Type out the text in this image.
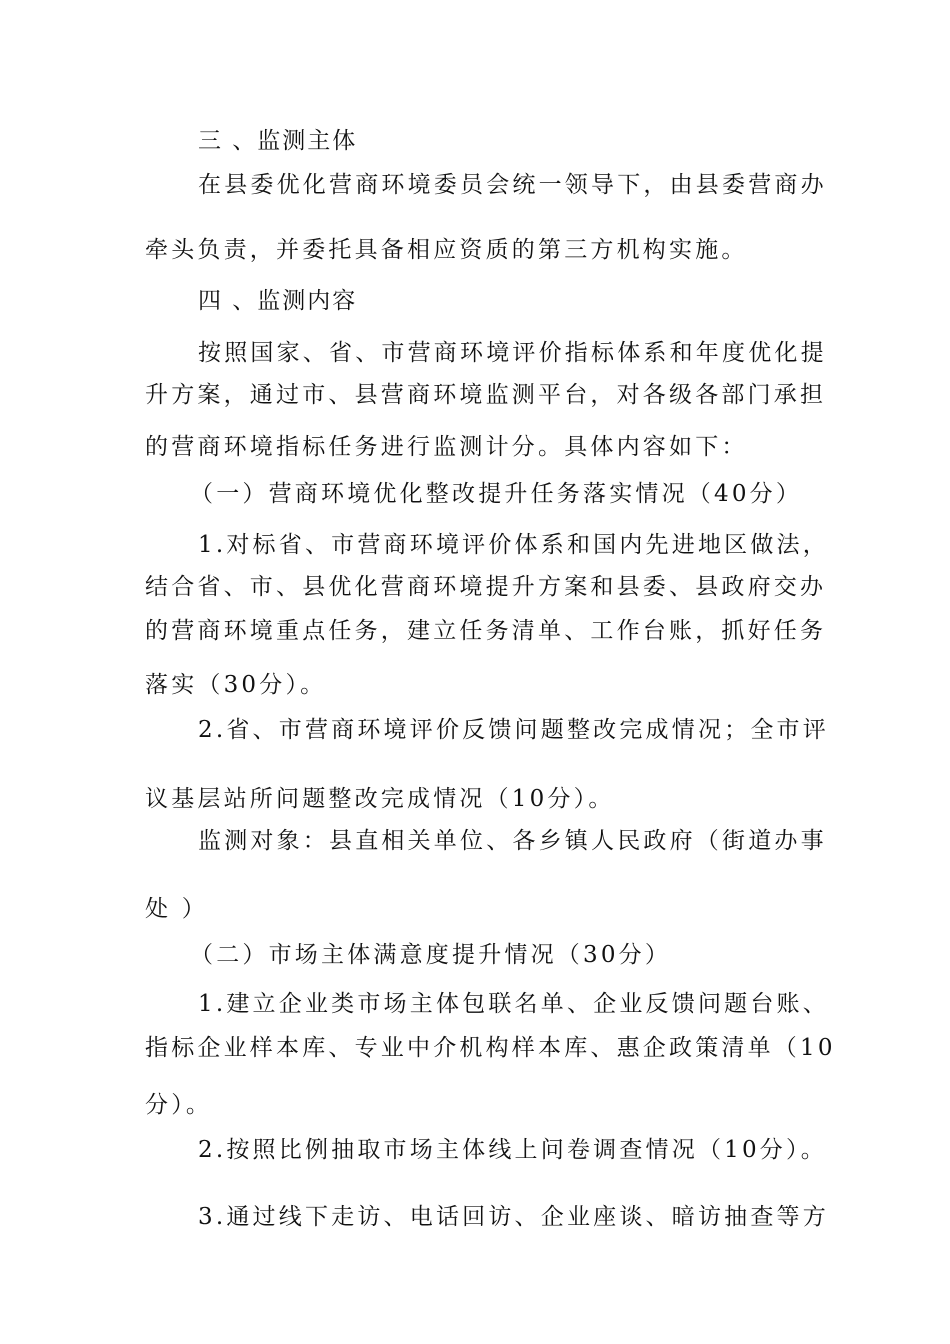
三 、监测主体
在县委优化营商环境委员会统一领导下，由县委营商办
牵头负责，并委托具备相应资质的第三方机构实施。
四 、监测内容
按照国家、省、市营商环境评价指标体系和年度优化提
升方案，通过市、县营商环境监测平台，对各级各部门承担
的营商环境指标任务进行监测计分。具体内容如下：
（一）营商环境优化整改提升任务落实情况（40分）
1.对标省、市营商环境评价体系和国内先进地区做法，
结合省、市、县优化营商环境提升方案和县委、县政府交办
的营商环境重点任务，建立任务清单、工作台账，抓好任务
落实（30分）。
2.省、市营商环境评价反馈问题整改完成情况；全市评
议基层站所问题整改完成情况（10分）。
监测对象：县直相关单位、各乡镇人民政府（街道办事
处 ）
（二）市场主体满意度提升情况（30分）
1.建立企业类市场主体包联名单、企业反馈问题台账、
指标企业样本库、专业中介机构样本库、惠企政策清单（10
分）。
2.按照比例抽取市场主体线上问卷调查情况（10分）。
3.通过线下走访、电话回访、企业座谈、暗访抽查等方
